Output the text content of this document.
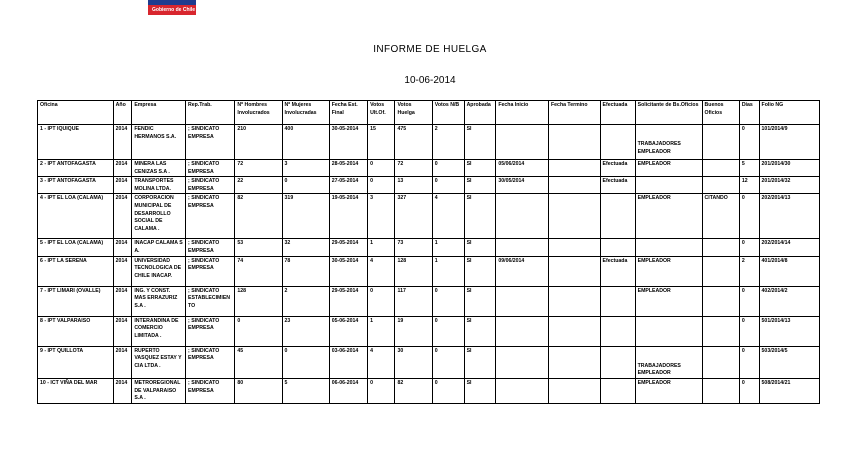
Gobierno de Chile
INFORME DE HUELGA
10-06-2014
Oficina	Año	Empresa	Rep.Trab.	Nº Hombres Involucrados	Nº Mujeres Involucradas	Fecha Est. Final	Votos Ult.Of.	Votos Huelga	Votos N/B	Aprobada	Fecha Inicio	Fecha Termino	Efectuada	Solicitante de Bs.Oficios	Buenos Oficios	Días	Folio NG
1 - IPT IQUIQUE	2014	FENDIC HERMANOS S.A.	; SINDICATO EMPRESA	210	400	30-05-2014	15	475	2	SI				TRABAJADORES EMPLEADOR		0	101/2014/9
2 - IPT ANTOFAGASTA	2014	MINERA LAS CENIZAS S.A .	; SINDICATO EMPRESA	72	3	28-05-2014	0	72	0	SI	05/06/2014		Efectuada	EMPLEADOR		5	201/2014/30
3 - IPT ANTOFAGASTA	2014	TRANSPORTES MOLINA LTDA.	; SINDICATO EMPRESA	22	0	27-05-2014	0	13	0	SI	30/05/2014		Efectuada			12	201/2014/32
4 - IPT EL LOA (CALAMA)	2014	CORPORACION MUNICIPAL DE DESARROLLO SOCIAL DE CALAMA .	; SINDICATO EMPRESA	82	319	19-05-2014	3	327	4	SI				EMPLEADOR	CITANDO	0	202/2014/13
5 - IPT EL LOA (CALAMA)	2014	INACAP CALAMA S A.	; SINDICATO EMPRESA	53	32	29-05-2014	1	73	1	SI						0	202/2014/14
6 - IPT LA SERENA	2014	UNIVERSIDAD TECNOLOGICA DE CHILE INACAP.	; SINDICATO EMPRESA	74	78	30-05-2014	4	128	1	SI	09/06/2014		Efectuada	EMPLEADOR		2	401/2014/8
7 - IPT LIMARI (OVALLE)	2014	ING. Y CONST. MAS ERRAZURIZ S.A .	; SINDICATO ESTABLECIMIENTO	128	2	29-05-2014	0	117	0	SI				EMPLEADOR		0	402/2014/2
8 - IPT VALPARAISO	2014	INTERANDINA DE COMERCIO LIMITADA .	; SINDICATO EMPRESA	0	23	05-06-2014	1	19	0	SI						0	501/2014/13
9 - IPT QUILLOTA	2014	RUPERTO VASQUEZ ESTAY Y CIA LTDA .	; SINDICATO EMPRESA	45	0	03-06-2014	4	30	0	SI				TRABAJADORES EMPLEADOR		0	503/2014/5
10 - ICT VIÑA DEL MAR	2014	METROREGIONAL DE VALPARAISO S.A .	; SINDICATO EMPRESA	80	5	06-06-2014	0	82	0	SI				EMPLEADOR		0	508/2014/21
